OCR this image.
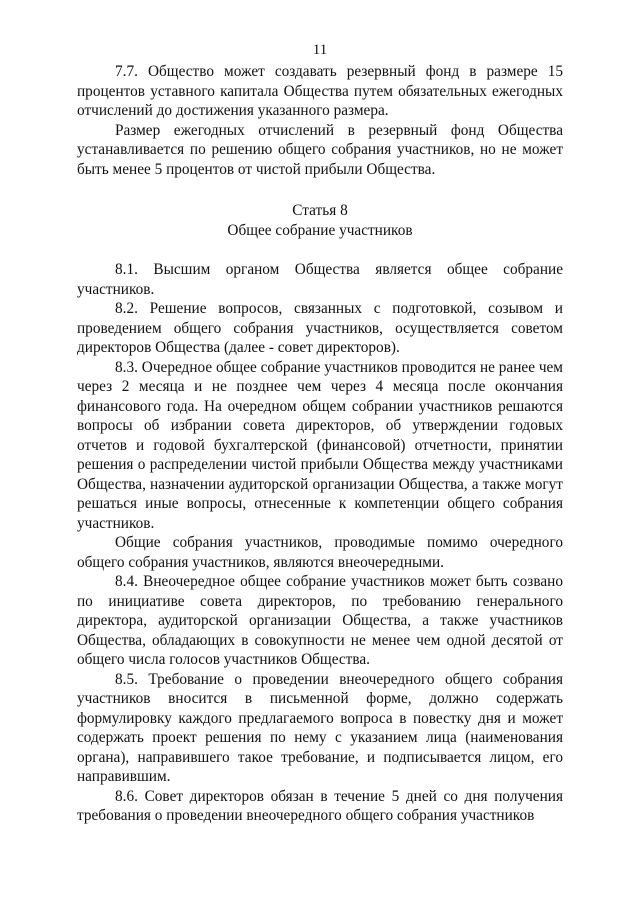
11

7.7. Общество может создавать резервный фонд в размере 15 процентов уставного капитала Общества путем обязательных ежегодных отчислений до достижения указанного размера.

Размер ежегодных отчислений в резервный фонд Общества устанавливается по решению общего собрания участников, но не может быть менее 5 процентов от чистой прибыли Общества.

Статья 8
Общее собрание участников

8.1. Высшим органом Общества является общее собрание участников.

8.2. Решение вопросов, связанных с подготовкой, созывом и проведением общего собрания участников, осуществляется советом директоров Общества (далее - совет директоров).

8.3. Очередное общее собрание участников проводится не ранее чем через 2 месяца и не позднее чем через 4 месяца после окончания финансового года. На очередном общем собрании участников решаются вопросы об избрании совета директоров, об утверждении годовых отчетов и годовой бухгалтерской (финансовой) отчетности, принятии решения о распределении чистой прибыли Общества между участниками Общества, назначении аудиторской организации Общества, а также могут решаться иные вопросы, отнесенные к компетенции общего собрания участников.

Общие собрания участников, проводимые помимо очередного общего собрания участников, являются внеочередными.

8.4. Внеочередное общее собрание участников может быть созвано по инициативе совета директоров, по требованию генерального директора, аудиторской организации Общества, а также участников Общества, обладающих в совокупности не менее чем одной десятой от общего числа голосов участников Общества.

8.5. Требование о проведении внеочередного общего собрания участников вносится в письменной форме, должно содержать формулировку каждого предлагаемого вопроса в повестку дня и может содержать проект решения по нему с указанием лица (наименования органа), направившего такое требование, и подписывается лицом, его направившим.

8.6. Совет директоров обязан в течение 5 дней со дня получения требования о проведении внеочередного общего собрания участников
